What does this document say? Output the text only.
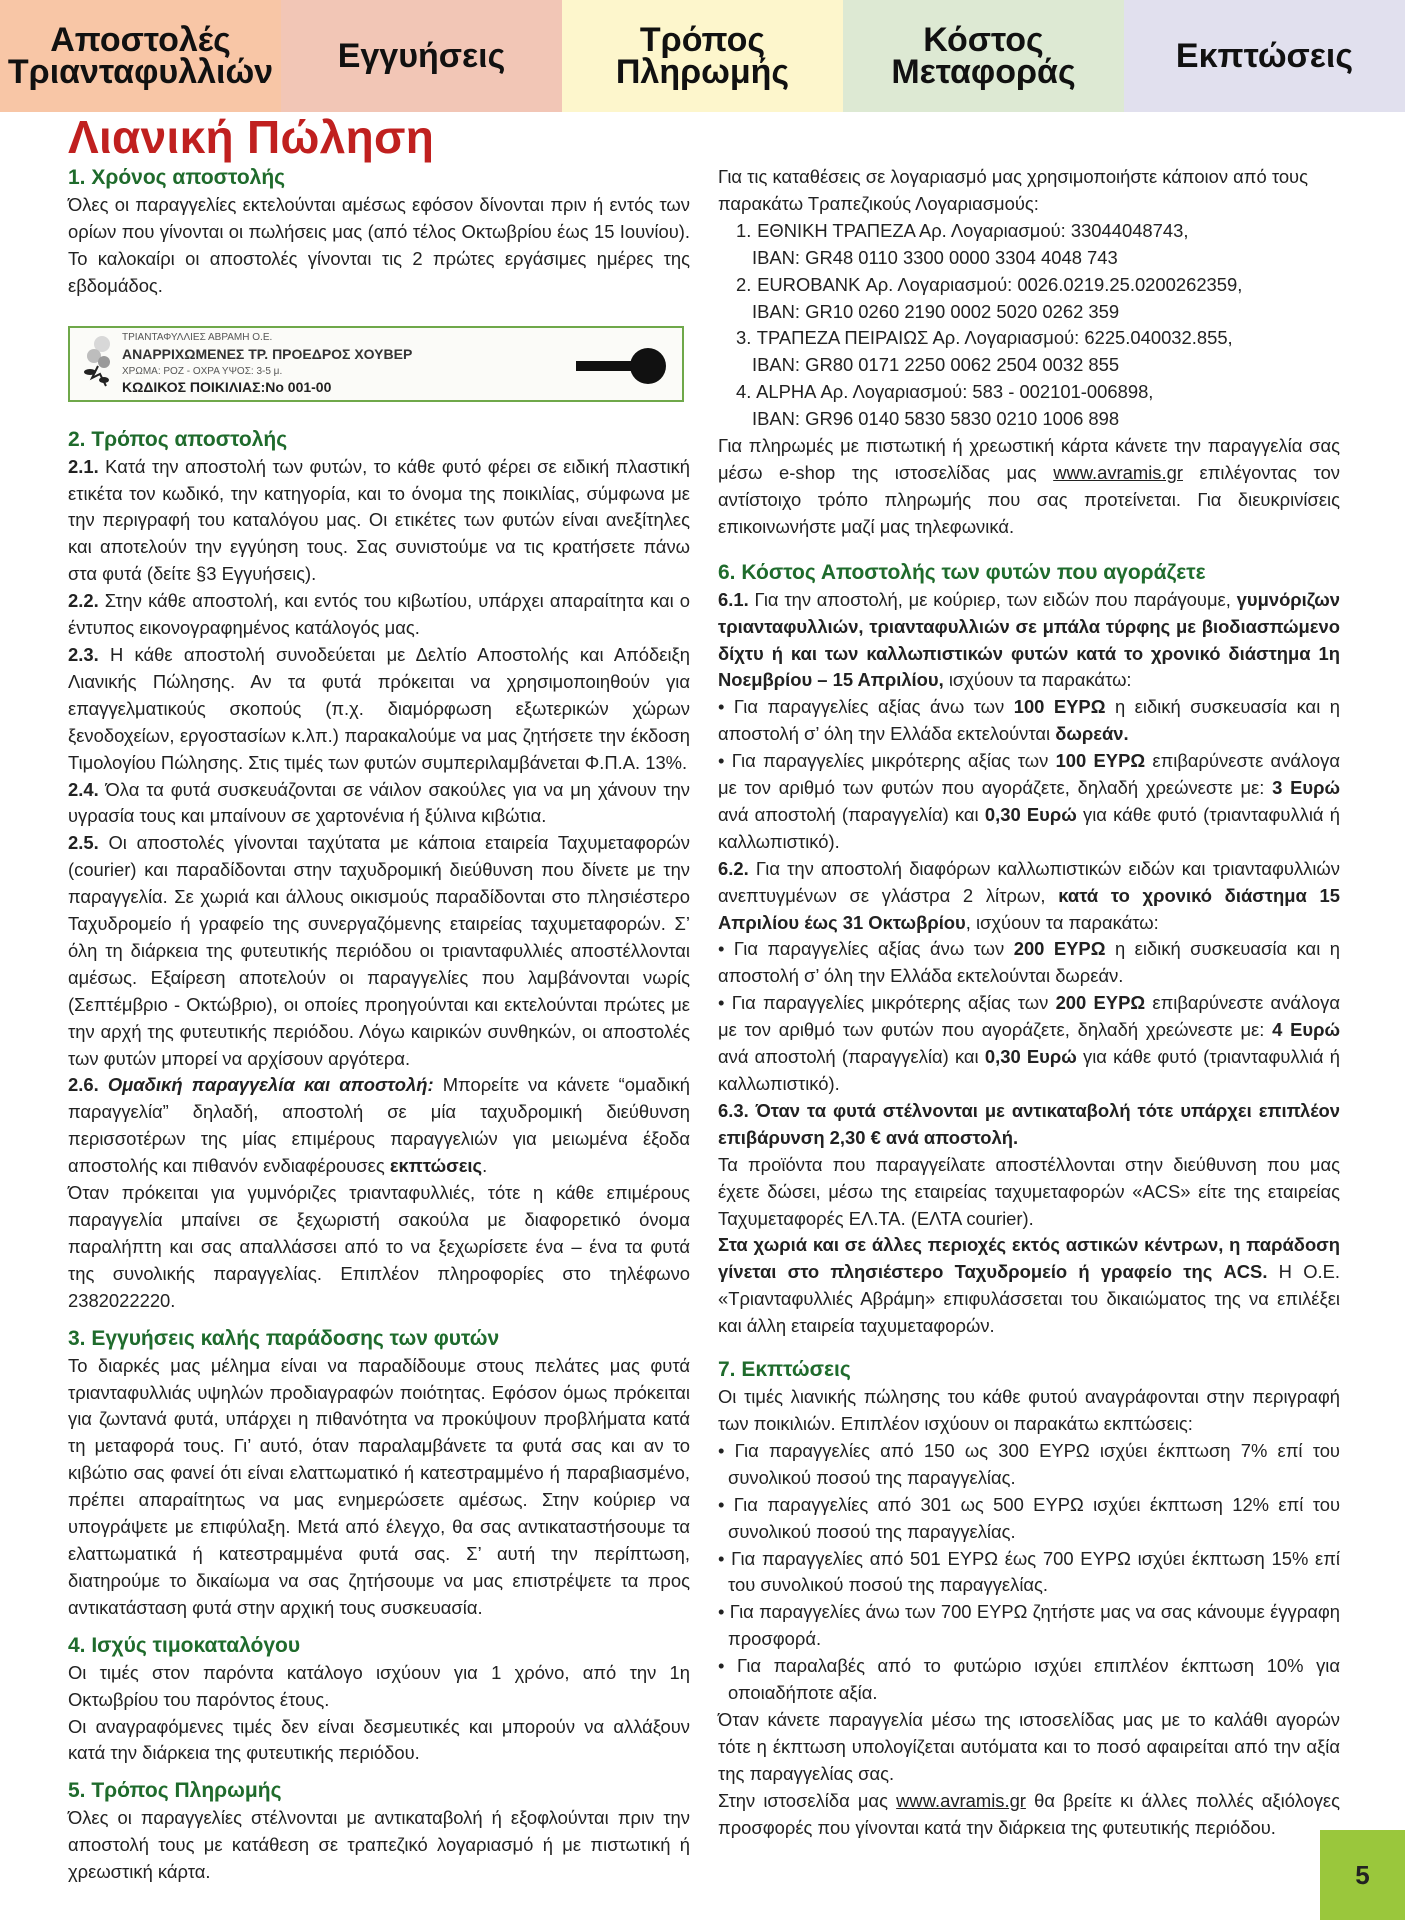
Αποστολές
Τριανταφυλλιών Εγγυήσεις	Τρόπος Πληρωμής
Κόστος
Μεταφοράς	Εκπτώσεις
Λιανική Πώληση
1. Χρόνος αποστολής

Όλες οι παραγγελίες εκτελούνται αμέσως εφόσον δίνονται πριν ή εντός των ορίων που γίνονται οι πωλήσεις μας (από τέλος Οκτωβρίου έως 15 Ιουνίου). Το καλοκαίρι οι αποστολές γίνονται τις 2 πρώτες εργάσιμες ημέρες της εβδομάδος.

ΤΡΙΑΝΤΑΦΥΛΛΙΕΣ ΑΒΡΑΜΗ Ο.Ε.
ΑΝΑΡΡΙΧΩΜΕΝΕΣ ΤΡ. ΠΡΟΕΔΡΟΣ ΧΟΥΒΕΡ
ΧΡΩΜΑ: ΡΟΖ - ΟΧΡΑ ΥΨΟΣ: 3-5 μ.
ΚΩΔΙΚΟΣ ΠΟΙΚΙΛΙΑΣ:No 001-00
2. Τρόπος αποστολής

2.1. Κατά την αποστολή των φυτών, το κάθε φυτό φέρει σε ειδική πλαστική ετικέτα τον κωδικό, την κατηγορία, και το όνομα της ποικιλίας, σύμφωνα με την περιγραφή του καταλόγου μας. Οι ετικέτες των φυτών είναι ανεξίτηλες και αποτελούν την εγγύηση τους. Σας συνιστούμε να τις κρατήσετε πάνω στα φυτά (δείτε §3 Εγγυήσεις).

2.2. Στην κάθε αποστολή, και εντός του κιβωτίου, υπάρχει απαραίτητα και ο έντυπος εικονογραφημένος κατάλογός μας.

2.3. Η κάθε αποστολή συνοδεύεται με Δελτίο Αποστολής και Απόδειξη Λιανικής Πώλησης. Αν τα φυτά πρόκειται να χρησιμοποιηθούν για επαγγελματικούς σκοπούς (π.χ. διαμόρφωση εξωτερικών χώρων ξενοδοχείων, εργοστασίων κ.λπ.) παρακαλούμε να μας ζητήσετε την έκδοση Τιμολογίου Πώλησης. Στις τιμές των φυτών συμπεριλαμβάνεται Φ.Π.Α. 13%.

2.4. Όλα τα φυτά συσκευάζονται σε νάιλον σακούλες για να μη χάνουν την υγρασία τους και μπαίνουν σε χαρτονένια ή ξύλινα κιβώτια.

2.5. Οι αποστολές γίνονται ταχύτατα με κάποια εταιρεία Ταχυμεταφορών (courier) και παραδίδονται στην ταχυδρομική διεύθυνση που δίνετε με την παραγγελία. Σε χωριά και άλλους οικισμούς παραδίδονται στο πλησιέστερο Ταχυδρομείο ή γραφείο της συνεργαζόμενης εταιρείας ταχυμεταφορών. Σ’ όλη τη διάρκεια της φυτευτικής περιόδου οι τριανταφυλλιές αποστέλλονται αμέσως. Εξαίρεση αποτελούν οι παραγγελίες που λαμβάνονται νωρίς (Σεπτέμβριο - Οκτώβριο), οι οποίες προηγούνται και εκτελούνται πρώτες με την αρχή της φυτευτικής περιόδου. Λόγω καιρικών συνθηκών, οι αποστολές των φυτών μπορεί να αρχίσουν αργότερα.

2.6. Ομαδική παραγγελία και αποστολή: Μπορείτε να κάνετε “ομαδική παραγγελία” δηλαδή, αποστολή σε μία ταχυδρομική διεύθυνση περισσοτέρων της μίας επιμέρους παραγγελιών για μειωμένα έξοδα αποστολής και πιθανόν ενδιαφέρουσες εκπτώσεις.

Όταν πρόκειται για γυμνόριζες τριανταφυλλιές, τότε η κάθε επιμέρους παραγγελία μπαίνει σε ξεχωριστή σακούλα με διαφορετικό όνομα παραλήπτη και σας απαλλάσσει από το να ξεχωρίσετε ένα – ένα τα φυτά της συνολικής παραγγελίας. Επιπλέον πληροφορίες στο τηλέφωνο 2382022220.

3. Εγγυήσεις καλής παράδοσης των φυτών

Το διαρκές μας μέλημα είναι να παραδίδουμε στους πελάτες μας φυτά τριανταφυλλιάς υψηλών προδιαγραφών ποιότητας. Εφόσον όμως πρόκειται για ζωντανά φυτά, υπάρχει η πιθανότητα να προκύψουν προβλήματα κατά τη μεταφορά τους. Γι’ αυτό, όταν παραλαμβάνετε τα φυτά σας και αν το κιβώτιο σας φανεί ότι είναι ελαττωματικό ή κατεστραμμένο ή παραβιασμένο, πρέπει απαραίτητως να μας ενημερώσετε αμέσως. Στην κούριερ να υπογράψετε με επιφύλαξη. Μετά από έλεγχο, θα σας αντικαταστήσουμε τα ελαττωματικά ή κατεστραμμένα φυτά σας. Σ’ αυτή την περίπτωση, διατηρούμε το δικαίωμα να σας ζητήσουμε να μας επιστρέψετε τα προς αντικατάσταση φυτά στην αρχική τους συσκευασία.

4. Ισχύς τιμοκαταλόγου

Οι τιμές στον παρόντα κατάλογο ισχύουν για 1 χρόνο, από την 1η Οκτωβρίου του παρόντος έτους.

Οι αναγραφόμενες τιμές δεν είναι δεσμευτικές και μπορούν να αλλάξουν κατά την διάρκεια της φυτευτικής περιόδου.

5. Τρόπος Πληρωμής

Όλες οι παραγγελίες στέλνονται με αντικαταβολή ή εξοφλούνται πριν την αποστολή τους με κατάθεση σε τραπεζικό λογαριασμό ή με πιστωτική ή χρεωστική κάρτα.

Για τις καταθέσεις σε λογαριασμό μας χρησιμοποιήστε κάποιον από τους παρακάτω Τραπεζικούς Λογαριασμούς:

1. ΕΘΝΙΚΗ ΤΡΑΠΕΖΑ Αρ. Λογαριασμού: 33044048743,
IBAN: GR48 0110 3300 0000 3304 4048 743
2. EUROBANK Αρ. Λογαριασμού: 0026.0219.25.0200262359,
IBAN: GR10 0260 2190 0002 5020 0262 359
3. ΤΡΑΠΕΖΑ ΠΕΙΡΑΙΩΣ Αρ. Λογαριασμού: 6225.040032.855,
IBAN: GR80 0171 2250 0062 2504 0032 855
4. ALPHA Αρ. Λογαριασμού: 583 - 002101-006898,
IBAN: GR96 0140 5830 5830 0210 1006 898

Για πληρωμές με πιστωτική ή χρεωστική κάρτα κάνετε την παραγγελία σας μέσω e-shop της ιστοσελίδας μας www.avramis.gr επιλέγοντας τον αντίστοιχο τρόπο πληρωμής που σας προτείνεται. Για διευκρινίσεις επικοινωνήστε μαζί μας τηλεφωνικά.

6. Κόστος Αποστολής των φυτών που αγοράζετε

6.1. Για την αποστολή, με κούριερ, των ειδών που παράγουμε, γυμνόριζων τριανταφυλλιών, τριανταφυλλιών σε μπάλα τύρφης με βιοδιασπώμενο δίχτυ ή και των καλλωπιστικών φυτών κατά το χρονικό διάστημα 1η Νοεμβρίου – 15 Απριλίου, ισχύουν τα παρακάτω:

• Για παραγγελίες αξίας άνω των 100 ΕΥΡΩ η ειδική συσκευασία και η αποστολή σ’ όλη την Ελλάδα εκτελούνται δωρεάν.

• Για παραγγελίες μικρότερης αξίας των 100 ΕΥΡΩ επιβαρύνεστε ανάλογα με τον αριθμό των φυτών που αγοράζετε, δηλαδή χρεώνεστε με: 3 Ευρώ ανά αποστολή (παραγγελία) και 0,30 Ευρώ για κάθε φυτό (τριανταφυλλιά ή καλλωπιστικό).

6.2. Για την αποστολή διαφόρων καλλωπιστικών ειδών και τριανταφυλλιών ανεπτυγμένων σε γλάστρα 2 λίτρων, κατά το χρονικό διάστημα 15 Απριλίου έως 31 Οκτωβρίου, ισχύουν τα παρακάτω:

• Για παραγγελίες αξίας άνω των 200 ΕΥΡΩ η ειδική συσκευασία και η αποστολή σ’ όλη την Ελλάδα εκτελούνται δωρεάν.

• Για παραγγελίες μικρότερης αξίας των 200 ΕΥΡΩ επιβαρύνεστε ανάλογα με τον αριθμό των φυτών που αγοράζετε, δηλαδή χρεώνεστε με: 4 Ευρώ ανά αποστολή (παραγγελία) και 0,30 Ευρώ για κάθε φυτό (τριανταφυλλιά ή καλλωπιστικό).

6.3. Όταν τα φυτά στέλνονται με αντικαταβολή τότε υπάρχει επιπλέον επιβάρυνση 2,30 € ανά αποστολή.

Τα προϊόντα που παραγγείλατε αποστέλλονται στην διεύθυνση που μας έχετε δώσει, μέσω της εταιρείας ταχυμεταφορών «ACS» είτε της εταιρείας Ταχυμεταφορές ΕΛ.ΤΑ. (ΕΛΤΑ courier).

Στα χωριά και σε άλλες περιοχές εκτός αστικών κέντρων, η παράδοση γίνεται στο πλησιέστερο Ταχυδρομείο ή γραφείο της ACS. Η Ο.Ε. «Τριανταφυλλιές Αβράμη» επιφυλάσσεται του δικαιώματος της να επιλέξει και άλλη εταιρεία ταχυμεταφορών.

7. Εκπτώσεις

Οι τιμές λιανικής πώλησης του κάθε φυτού αναγράφονται στην περιγραφή των ποικιλιών. Επιπλέον ισχύουν οι παρακάτω εκπτώσεις:

• Για παραγγελίες από 150 ως 300 ΕΥΡΩ ισχύει έκπτωση 7% επί του συνολικού ποσού της παραγγελίας.

• Για παραγγελίες από 301 ως 500 ΕΥΡΩ ισχύει έκπτωση 12% επί του συνολικού ποσού της παραγγελίας.

• Για παραγγελίες από 501 ΕΥΡΩ έως 700 ΕΥΡΩ ισχύει έκπτωση 15% επί του συνολικού ποσού της παραγγελίας.

• Για παραγγελίες άνω των 700 ΕΥΡΩ ζητήστε μας να σας κάνουμε έγγραφη προσφορά.

• Για παραλαβές από το φυτώριο ισχύει επιπλέον έκπτωση 10% για οποιαδήποτε αξία.

Όταν κάνετε παραγγελία μέσω της ιστοσελίδας μας με το καλάθι αγορών τότε η έκπτωση υπολογίζεται αυτόματα και το ποσό αφαιρείται από την αξία της παραγγελίας σας.

Στην ιστοσελίδα μας www.avramis.gr θα βρείτε κι άλλες πολλές αξιόλογες προσφορές που γίνονται κατά την διάρκεια της φυτευτικής περιόδου.

5
